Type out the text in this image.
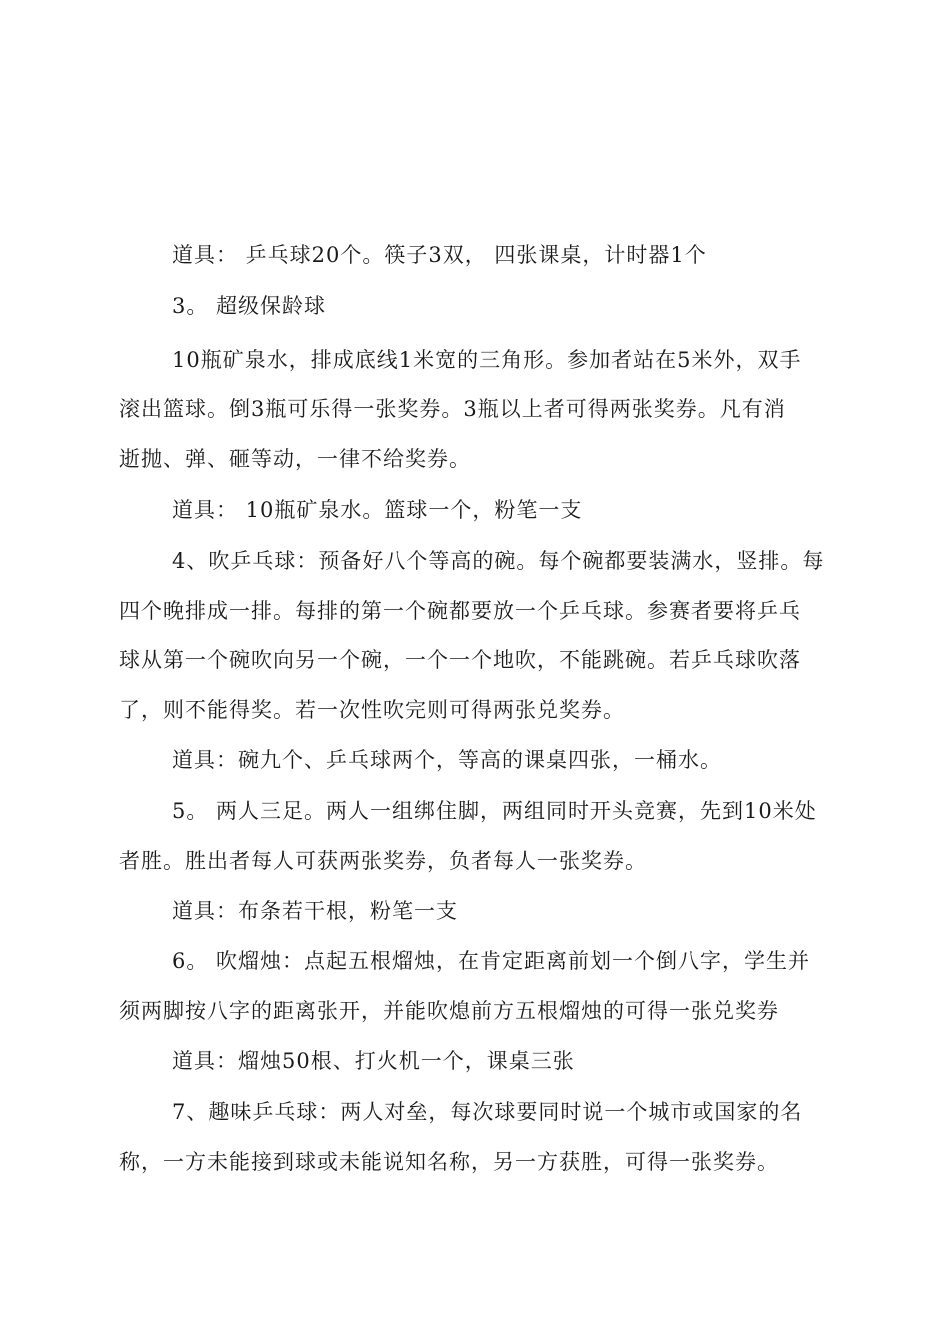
道具： 乒乓球20个。筷子3双， 四张课桌，计时器1个
3。 超级保龄球
10瓶矿泉水，排成底线1米宽的三角形。参加者站在5米外，双手
滚出篮球。倒3瓶可乐得一张奖券。3瓶以上者可得两张奖券。凡有消
逝抛、弹、砸等动，一律不给奖券。
道具： 10瓶矿泉水。篮球一个，粉笔一支
4、吹乒乓球：预备好八个等高的碗。每个碗都要装满水，竖排。每
四个晚排成一排。每排的第一个碗都要放一个乒乓球。参赛者要将乒乓
球从第一个碗吹向另一个碗，一个一个地吹，不能跳碗。若乒乓球吹落
了，则不能得奖。若一次性吹完则可得两张兑奖券。
道具：碗九个、乒乓球两个，等高的课桌四张，一桶水。
5。 两人三足。两人一组绑住脚，两组同时开头竞赛，先到10米处
者胜。胜出者每人可获两张奖券，负者每人一张奖券。
道具：布条若干根，粉笔一支
6。 吹熘烛：点起五根熘烛，在肯定距离前划一个倒八字，学生并
须两脚按八字的距离张开，并能吹熄前方五根熘烛的可得一张兑奖券
道具：熘烛50根、打火机一个，课桌三张
7、趣味乒乓球：两人对垒，每次球要同时说一个城市或国家的名
称，一方未能接到球或未能说知名称，另一方获胜，可得一张奖券。
